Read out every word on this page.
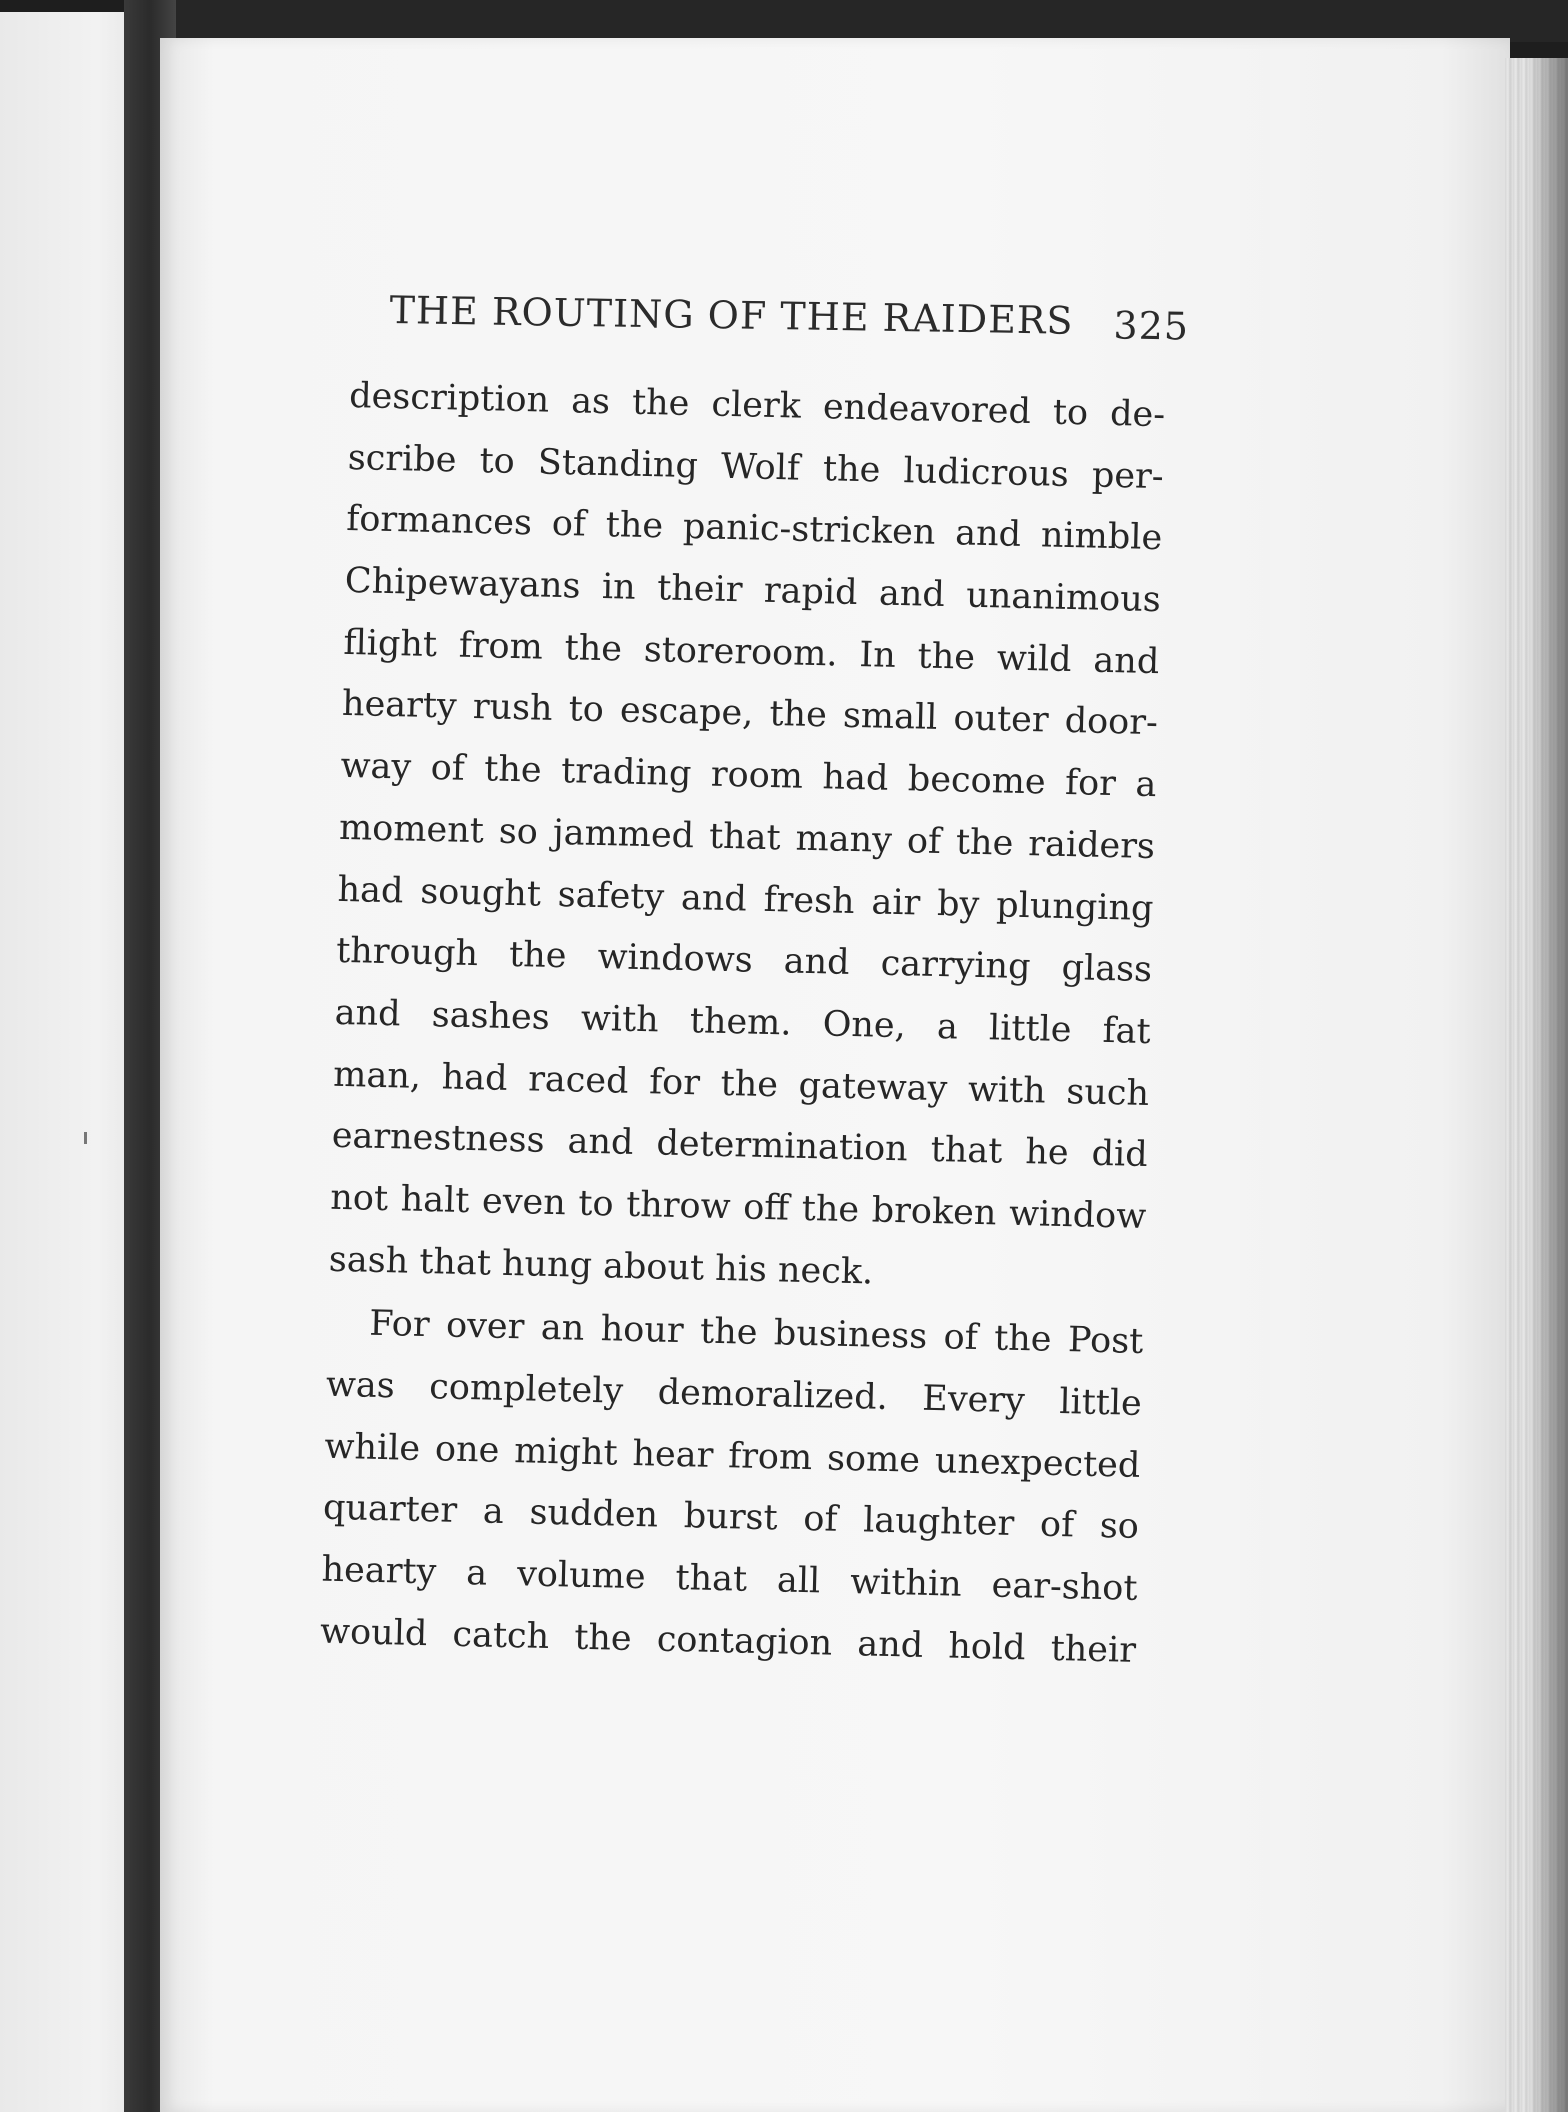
THE ROUTING OF THE RAIDERS 325
description as the clerk endeavored to de-
scribe to Standing Wolf the ludicrous per-
formances of the panic-stricken and nimble
Chipewayans in their rapid and unanimous
flight from the storeroom. In the wild and
hearty rush to escape, the small outer door-
way of the trading room had become for a
moment so jammed that many of the raiders
had sought safety and fresh air by plunging
through the windows and carrying glass
and sashes with them. One, a little fat
man, had raced for the gateway with such
earnestness and determination that he did
not halt even to throw off the broken window
sash that hung about his neck.
For over an hour the business of the Post
was completely demoralized. Every little
while one might hear from some unexpected
quarter a sudden burst of laughter of so
hearty a volume that all within ear-shot
would catch the contagion and hold their
